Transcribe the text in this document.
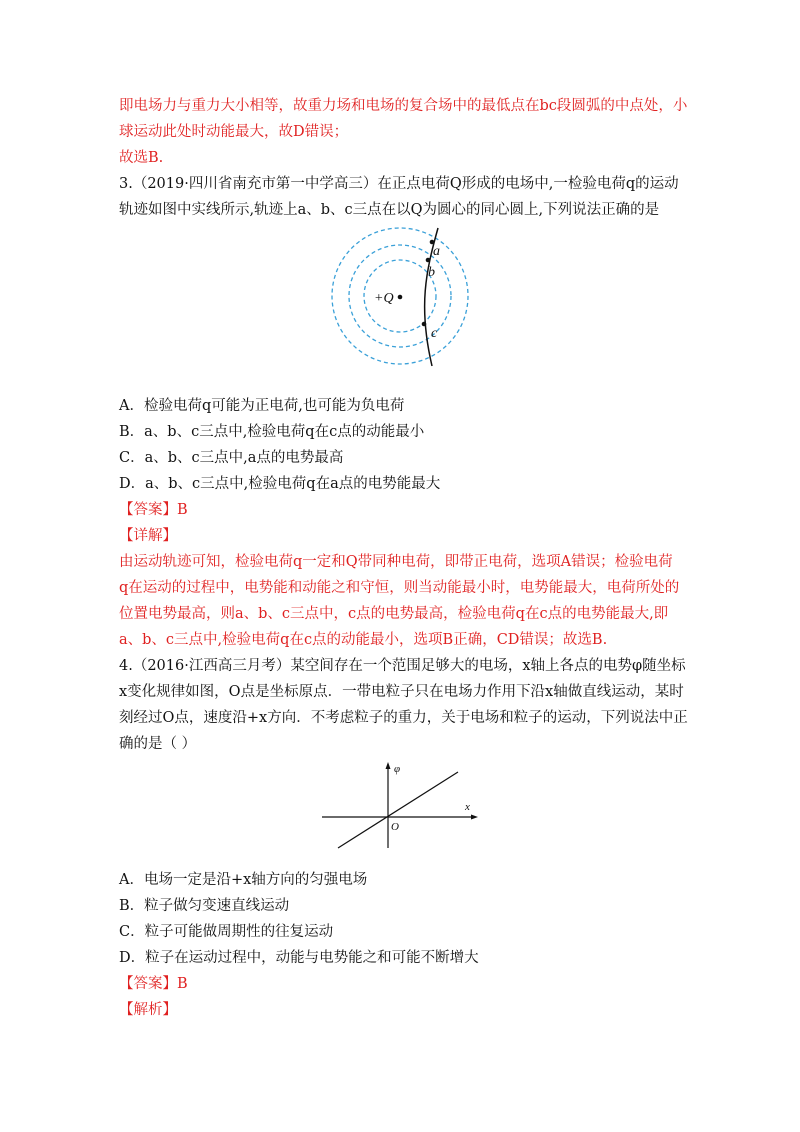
即电场力与重力大小相等，故重力场和电场的复合场中的最低点在bc段圆弧的中点处，小
球运动此处时动能最大，故D错误；
故选B.
3.（2019·四川省南充市第一中学高三）在正点电荷Q形成的电场中,一检验电荷q的运动
轨迹如图中实线所示,轨迹上a、b、c三点在以Q为圆心的同心圆上,下列说法正确的是
+Q
a
b
c
A．检验电荷q可能为正电荷,也可能为负电荷
B．a、b、c三点中,检验电荷q在c点的动能最小
C．a、b、c三点中,a点的电势最高
D．a、b、c三点中,检验电荷q在a点的电势能最大
【答案】B
【详解】
由运动轨迹可知，检验电荷q一定和Q带同种电荷，即带正电荷，选项A错误；检验电荷
q在运动的过程中，电势能和动能之和守恒，则当动能最小时，电势能最大，电荷所处的
位置电势最高，则a、b、c三点中，c点的电势最高，检验电荷q在c点的电势能最大,即
a、b、c三点中,检验电荷q在c点的动能最小，选项B正确，CD错误；故选B.
4.（2016·江西高三月考）某空间存在一个范围足够大的电场，x轴上各点的电势φ随坐标
x变化规律如图，O点是坐标原点．一带电粒子只在电场力作用下沿x轴做直线运动，某时
刻经过O点，速度沿+x方向．不考虑粒子的重力，关于电场和粒子的运动，下列说法中正
确的是（ ）
φ
x
O
A．电场一定是沿+x轴方向的匀强电场
B．粒子做匀变速直线运动
C．粒子可能做周期性的往复运动
D．粒子在运动过程中，动能与电势能之和可能不断增大
【答案】B
【解析】
